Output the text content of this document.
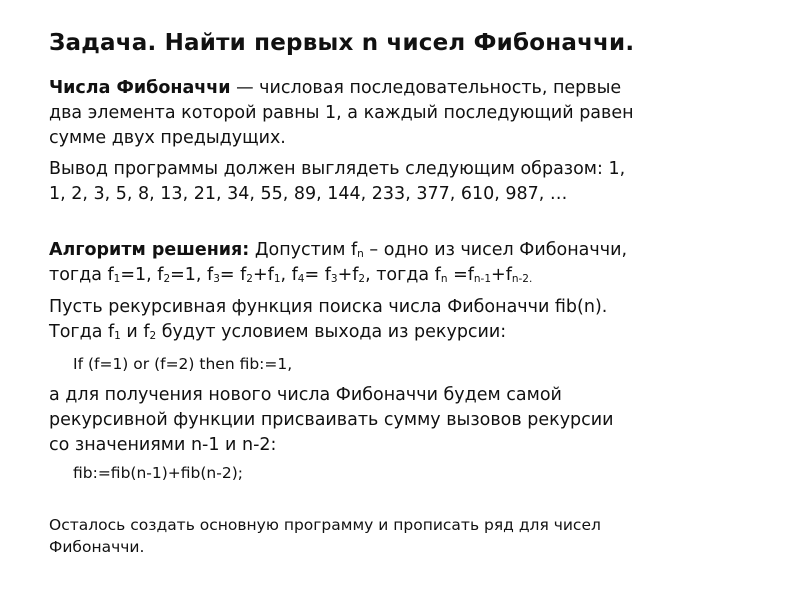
Задача. Найти первых n чисел Фибоначчи.
Числа Фибоначчи — числовая последовательность, первые
два элемента которой равны 1, а каждый последующий равен
сумме двух предыдущих.
Вывод программы должен выглядеть следующим образом: 1,
1, 2, 3, 5, 8, 13, 21, 34, 55, 89, 144, 233, 377, 610, 987, …
Алгоритм решения: Допустим $f_n$ – одно из чисел Фибоначчи,
тогда $f_1=1$, $f_2=1$, $f_3= f_2+f_1$, $f_4= f_3+f_2$, тогда $f_n =f_{n-1}+f_{n-2.}$
Пусть рекурсивная функция поиска числа Фибоначчи fib(n).
Тогда $f_1$ и $f_2$ будут условием выхода из рекурсии:
If (f=1) or (f=2) then fib:=1,
а для получения нового числа Фибоначчи будем самой
рекурсивной функции присваивать сумму вызовов рекурсии
со значениями n-1 и n-2:
fib:=fib(n-1)+fib(n-2);
Осталось создать основную программу и прописать ряд для чисел
Фибоначчи.
